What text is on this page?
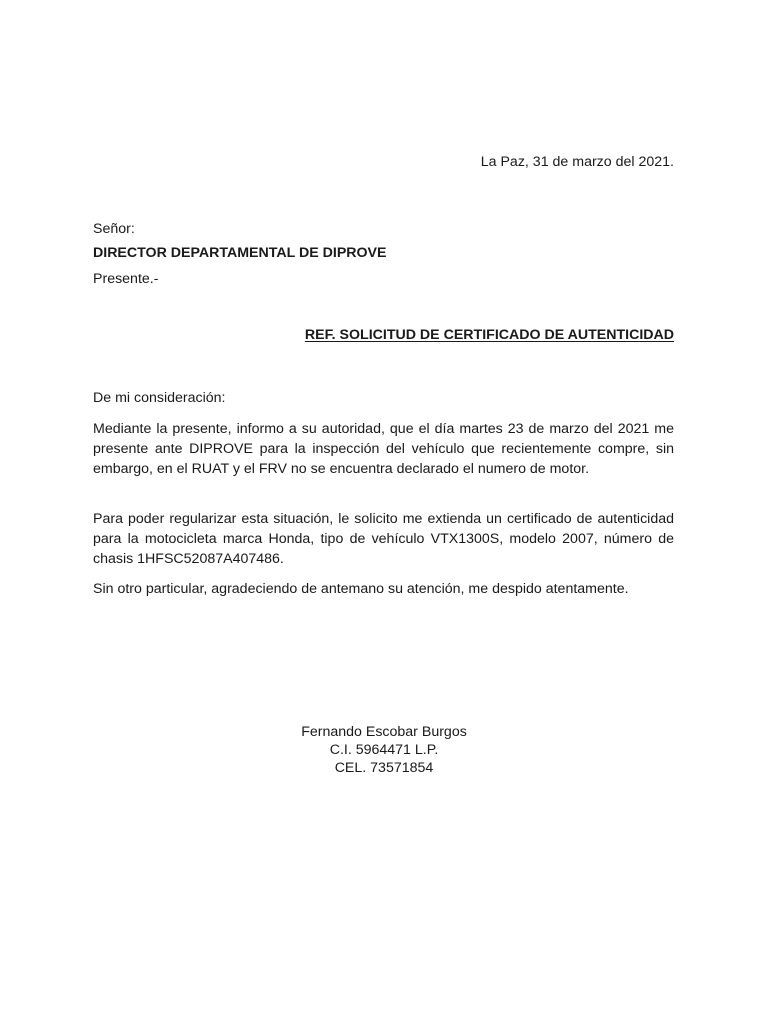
La Paz, 31 de marzo del 2021.
Señor:
DIRECTOR DEPARTAMENTAL DE DIPROVE
Presente.-
REF. SOLICITUD DE CERTIFICADO DE AUTENTICIDAD
De mi consideración:

Mediante la presente, informo a su autoridad, que el día martes 23 de marzo del 2021 me presente ante DIPROVE para la inspección del vehículo que recientemente compre, sin embargo, en el RUAT y el FRV no se encuentra declarado el numero de motor.

Para poder regularizar esta situación, le solicito me extienda un certificado de autenticidad para la motocicleta marca Honda, tipo de vehículo VTX1300S, modelo 2007, número de chasis 1HFSC52087A407486.

Sin otro particular, agradeciendo de antemano su atención, me despido atentamente.

Fernando Escobar Burgos
C.I. 5964471 L.P.
CEL. 73571854
